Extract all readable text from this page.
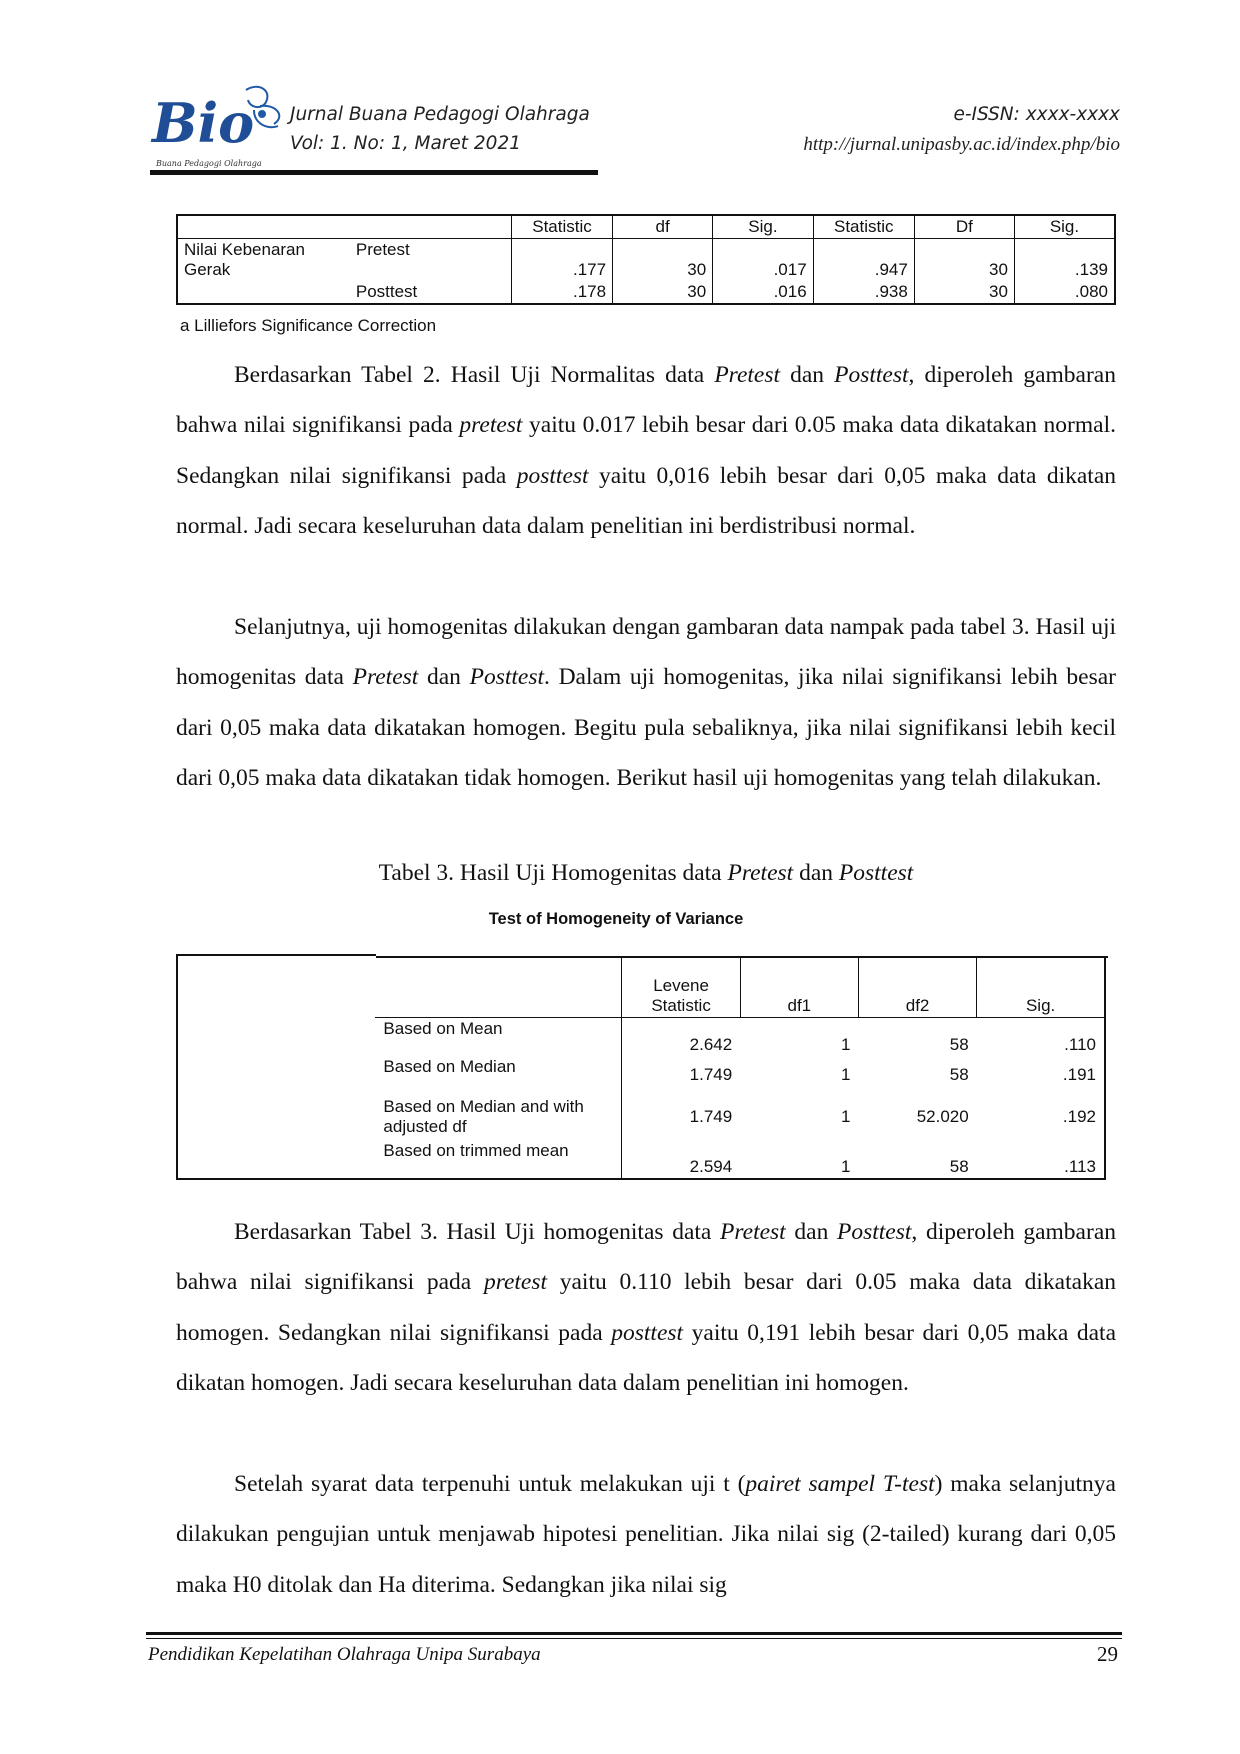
Bio
Buana Pedagogi Olahraga
Jurnal Buana Pedagogi Olahraga
Vol: 1. No: 1, Maret 2021
e-ISSN: xxxx-xxxx
http://jurnal.unipasby.ac.id/index.php/bio
		Statistic	df	Sig.	Statistic	Df	Sig.
Nilai Kebenaran Gerak	Pretest	.177	30	.017	.947	30	.139
	Posttest	.178	30	.016	.938	30	.080
a Lilliefors Significance Correction
Berdasarkan Tabel 2. Hasil Uji Normalitas data Pretest dan Posttest, diperoleh gambaran bahwa nilai signifikansi pada pretest yaitu 0.017 lebih besar dari 0.05 maka data dikatakan normal. Sedangkan nilai signifikansi pada posttest yaitu 0,016 lebih besar dari 0,05 maka data dikatan normal. Jadi secara keseluruhan data dalam penelitian ini berdistribusi normal.
Selanjutnya, uji homogenitas dilakukan dengan gambaran data nampak pada tabel 3. Hasil uji homogenitas data Pretest dan Posttest. Dalam uji homogenitas, jika nilai signifikansi lebih besar dari 0,05 maka data dikatakan homogen. Begitu pula sebaliknya, jika nilai signifikansi lebih kecil dari 0,05 maka data dikatakan tidak homogen. Berikut hasil uji homogenitas yang telah dilakukan.
Tabel 3. Hasil Uji Homogenitas data Pretest dan Posttest
Test of Homogeneity of Variance
		Levene Statistic	df1	df2	Sig.
	Based on Mean	2.642	1	58	.110
	Based on Median	1.749	1	58	.191
	Based on Median and with adjusted df	1.749	1	52.020	.192
	Based on trimmed mean	2.594	1	58	.113
Berdasarkan Tabel 3. Hasil Uji homogenitas data Pretest dan Posttest, diperoleh gambaran bahwa nilai signifikansi pada pretest yaitu 0.110 lebih besar dari 0.05 maka data dikatakan homogen. Sedangkan nilai signifikansi pada posttest yaitu 0,191 lebih besar dari 0,05 maka data dikatan homogen. Jadi secara keseluruhan data dalam penelitian ini homogen.
Setelah syarat data terpenuhi untuk melakukan uji t (pairet sampel T-test) maka selanjutnya dilakukan pengujian untuk menjawab hipotesi penelitian. Jika nilai sig (2-tailed) kurang dari 0,05 maka H0 ditolak dan Ha diterima. Sedangkan jika nilai sig
Pendidikan Kepelatihan Olahraga Unipa Surabaya	29
